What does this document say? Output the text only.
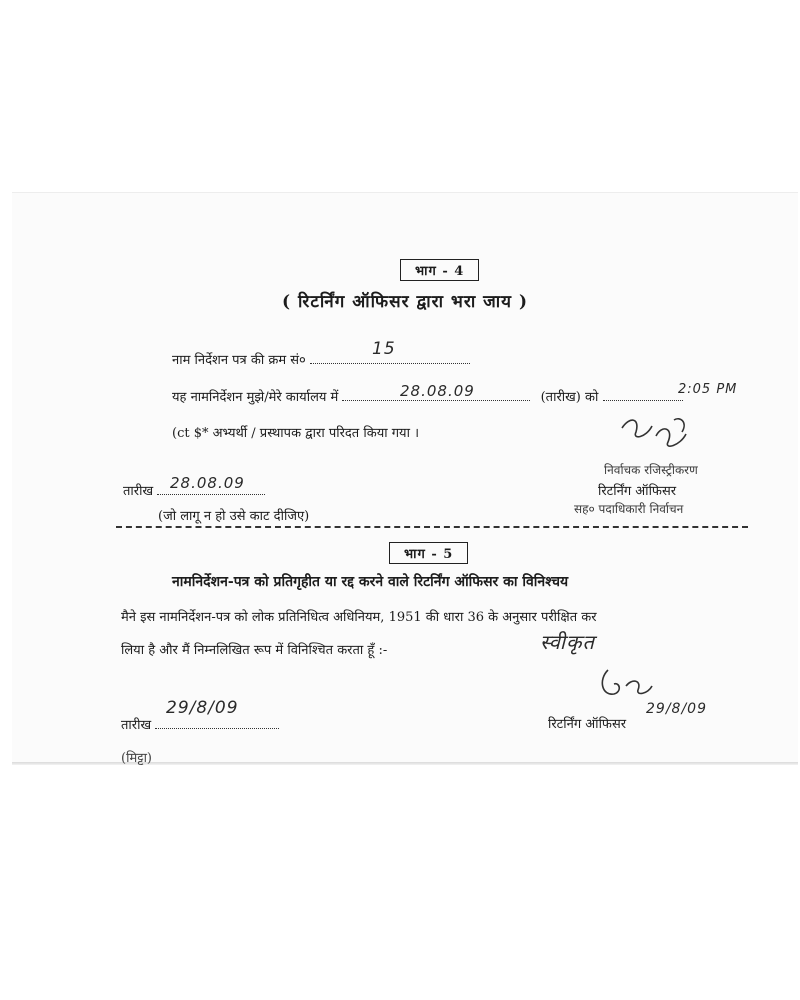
भाग - 4
( रिटर्निंग ऑफिसर द्वारा भरा जाय )
नाम निर्देशन पत्र की क्रम सं०
15
यह नामनिर्देशन मुझे/मेरे कार्यालय में	(तारीख) को
28.08.09	2:05 PM
(ct $* अभ्यर्थी / प्रस्थापक द्वारा परिदत किया गया ।
निर्वाचक रजिस्ट्रीकरण
तारीख	28.08.09	रिटर्निंग ऑफिसर
सह० पदाधिकारी निर्वाचन
(जो लागू न हो उसे काट दीजिए)
भाग - 5
नामनिर्देशन-पत्र को प्रतिगृहीत या रद्द करने वाले रिटर्निंग ऑफिसर का विनिश्चय
मैने इस नामनिर्देशन-पत्र को लोक प्रतिनिधित्व अधिनियम, 1951 की धारा 36 के अनुसार परीक्षित कर
लिया है और मैं निम्नलिखित रूप में विनिश्चित करता हूँ :-	स्वीकृत
तारीख
29/8/09
रिटर्निंग ऑफिसर
29/8/09
(मिट्टा)
